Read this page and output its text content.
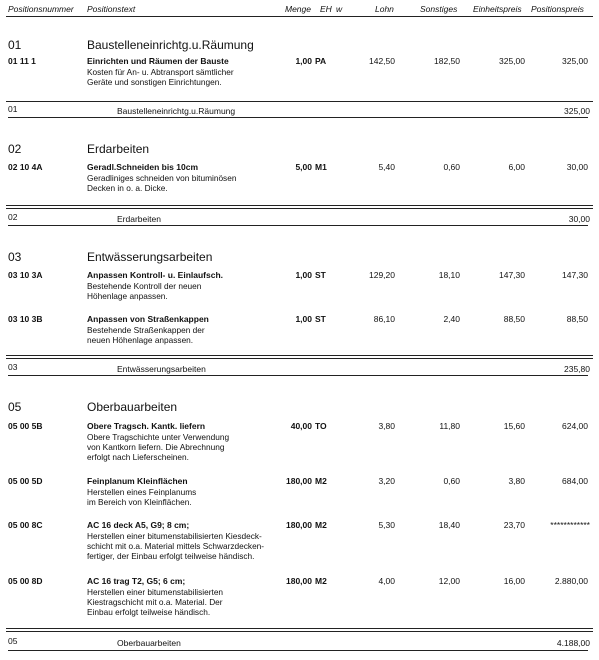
Positionsnummer Positionstext	Menge EH w	Lohn	Sonstiges Einheitspreis Positionspreis
01	Baustelleneinrichtg.u.Räumung
01 11 1	Einrichten und Räumen der Bauste
Kosten für An- u. Abtransport sämtlicher
Geräte und sonstigen Einrichtungen.
1,00 PA	142,50	182,50	325,00	325,00
01	Baustelleneinrichtg.u.Räumung	325,00
02	Erdarbeiten
02 10 4A	Geradl.Schneiden bis 10cm
Geradliniges schneiden von bituminösen
Decken in o. a. Dicke.
5,00 M1	5,40	0,60	6,00	30,00
02	Erdarbeiten	30,00
03	Entwässerungsarbeiten
03 10 3A	Anpassen Kontroll- u. Einlaufsch.
Bestehende Kontroll der neuen
Höhenlage anpassen.
1,00 ST	129,20	18,10	147,30	147,30
03 10 3B	Anpassen von Straßenkappen
Bestehende Straßenkappen der
neuen Höhenlage anpassen.
1,00 ST	86,10	2,40	88,50	88,50
03	Entwässerungsarbeiten	235,80
05	Oberbauarbeiten
05 00 5B	Obere Tragsch. Kantk. liefern
Obere Tragschichte unter Verwendung
von Kantkorn liefern. Die Abrechnung
erfolgt nach Lieferscheinen.
40,00 TO	3,80	11,80	15,60	624,00
05 00 5D	Feinplanum Kleinflächen
Herstellen eines Feinplanums
im Bereich von Kleinflächen.
180,00 M2	3,20	0,60	3,80	684,00
05 00 8C	AC 16 deck A5, G9; 8 cm;
Herstellen einer bitumenstabilisierten Kiesdeck-
schicht mit o.a. Material mittels Schwarzdecken-
fertiger, der Einbau erfolgt teilweise händisch.
180,00 M2	5,30	18,40	23,70	************
05 00 8D	AC 16 trag T2, G5; 6 cm;
Herstellen einer bitumenstabilisierten
Kiestragschicht mit o.a. Material. Der
Einbau erfolgt teilweise händisch.
180,00 M2	4,00	12,00	16,00	2.880,00
05	Oberbauarbeiten	4.188,00
